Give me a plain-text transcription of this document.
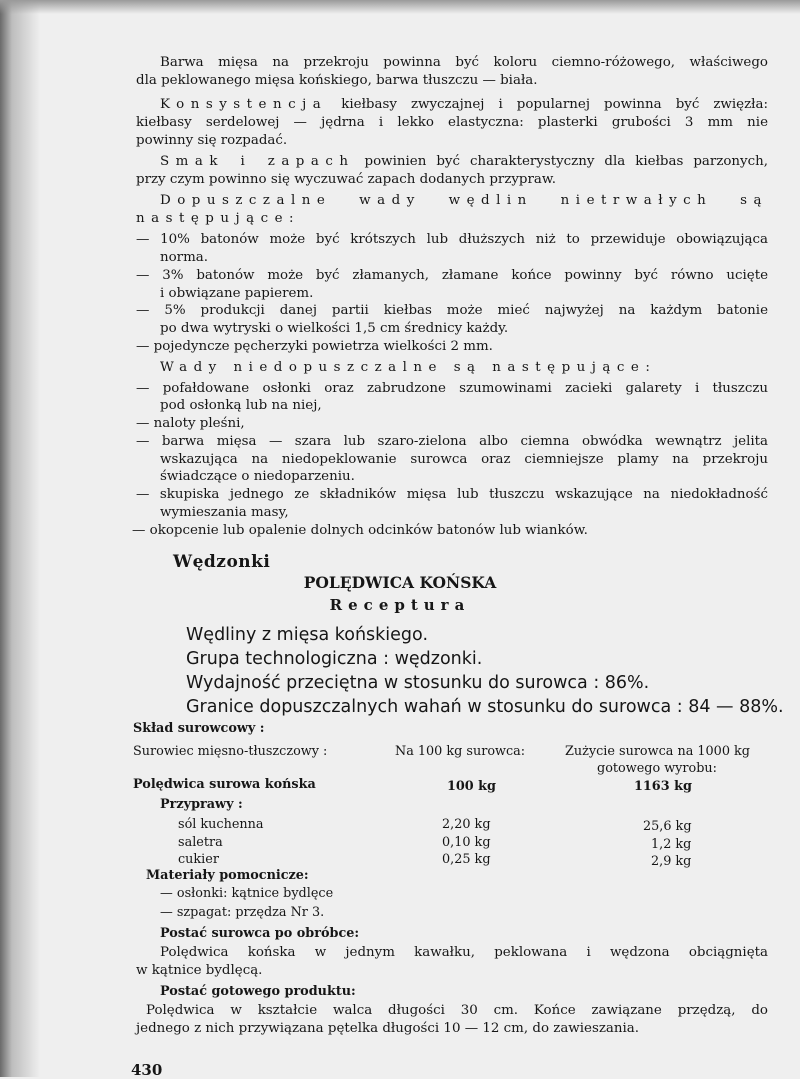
Barwa mięsa na przekroju powinna być koloru ciemno-różowego, właściwego
dla peklowanego mięsa końskiego, barwa tłuszczu — biała.
Konsystencja kiełbasy zwyczajnej i popularnej powinna być zwięzła:
kiełbasy serdelowej — jędrna i lekko elastyczna: plasterki grubości 3 mm nie
powinny się rozpadać.
Smak i zapach powinien być charakterystyczny dla kiełbas parzonych,
przy czym powinno się wyczuwać zapach dodanych przypraw.
Dopuszczalne wady wędlin nietrwałych są
następujące:
— 10% batonów może być krótszych lub dłuższych niż to przewiduje obowiązująca
norma.
— 3% batonów może być złamanych, złamane końce powinny być równo ucięte
i obwiązane papierem.
— 5% produkcji danej partii kiełbas może mieć najwyżej na każdym batonie
po dwa wytryski o wielkości 1,5 cm średnicy każdy.
— pojedyncze pęcherzyki powietrza wielkości 2 mm.
Wady niedopuszczalne są następujące:
— pofałdowane osłonki oraz zabrudzone szumowinami zacieki galarety i tłuszczu
pod osłonką lub na niej,
— naloty pleśni,
— barwa mięsa — szara lub szaro-zielona albo ciemna obwódka wewnątrz jelita
wskazująca na niedopeklowanie surowca oraz ciemniejsze plamy na przekroju
świadczące o niedoparzeniu.
— skupiska jednego ze składników mięsa lub tłuszczu wskazujące na niedokładność
wymieszania masy,
— okopcenie lub opalenie dolnych odcinków batonów lub wianków.
Wędzonki
POLĘDWICA KOŃSKA
Receptura
Wędliny z mięsa końskiego.
Grupa technologiczna : wędzonki.
Wydajność przeciętna w stosunku do surowca : 86%.
Granice dopuszczalnych wahań w stosunku do surowca : 84 — 88%.
Skład surowcowy :
Surowiec mięsno-tłuszczowy :	Na 100 kg surowca:	Zużycie surowca na 1000 kg
gotowego wyrobu:
Polędwica surowa końska	100 kg	1163 kg
Przyprawy :
sól kuchenna	2,20 kg	25,6 kg
saletra	0,10 kg	1,2 kg
cukier	0,25 kg	2,9 kg
Materiały pomocnicze:
— osłonki: kątnice bydlęce
— szpagat: przędza Nr 3.
Postać surowca po obróbce:
Polędwica końska w jednym kawałku, peklowana i wędzona obciągnięta
w kątnice bydlęcą.
Postać gotowego produktu:
Polędwica w kształcie walca długości 30 cm. Końce zawiązane przędzą, do
jednego z nich przywiązana pętelka długości 10 — 12 cm, do zawieszania.
430
